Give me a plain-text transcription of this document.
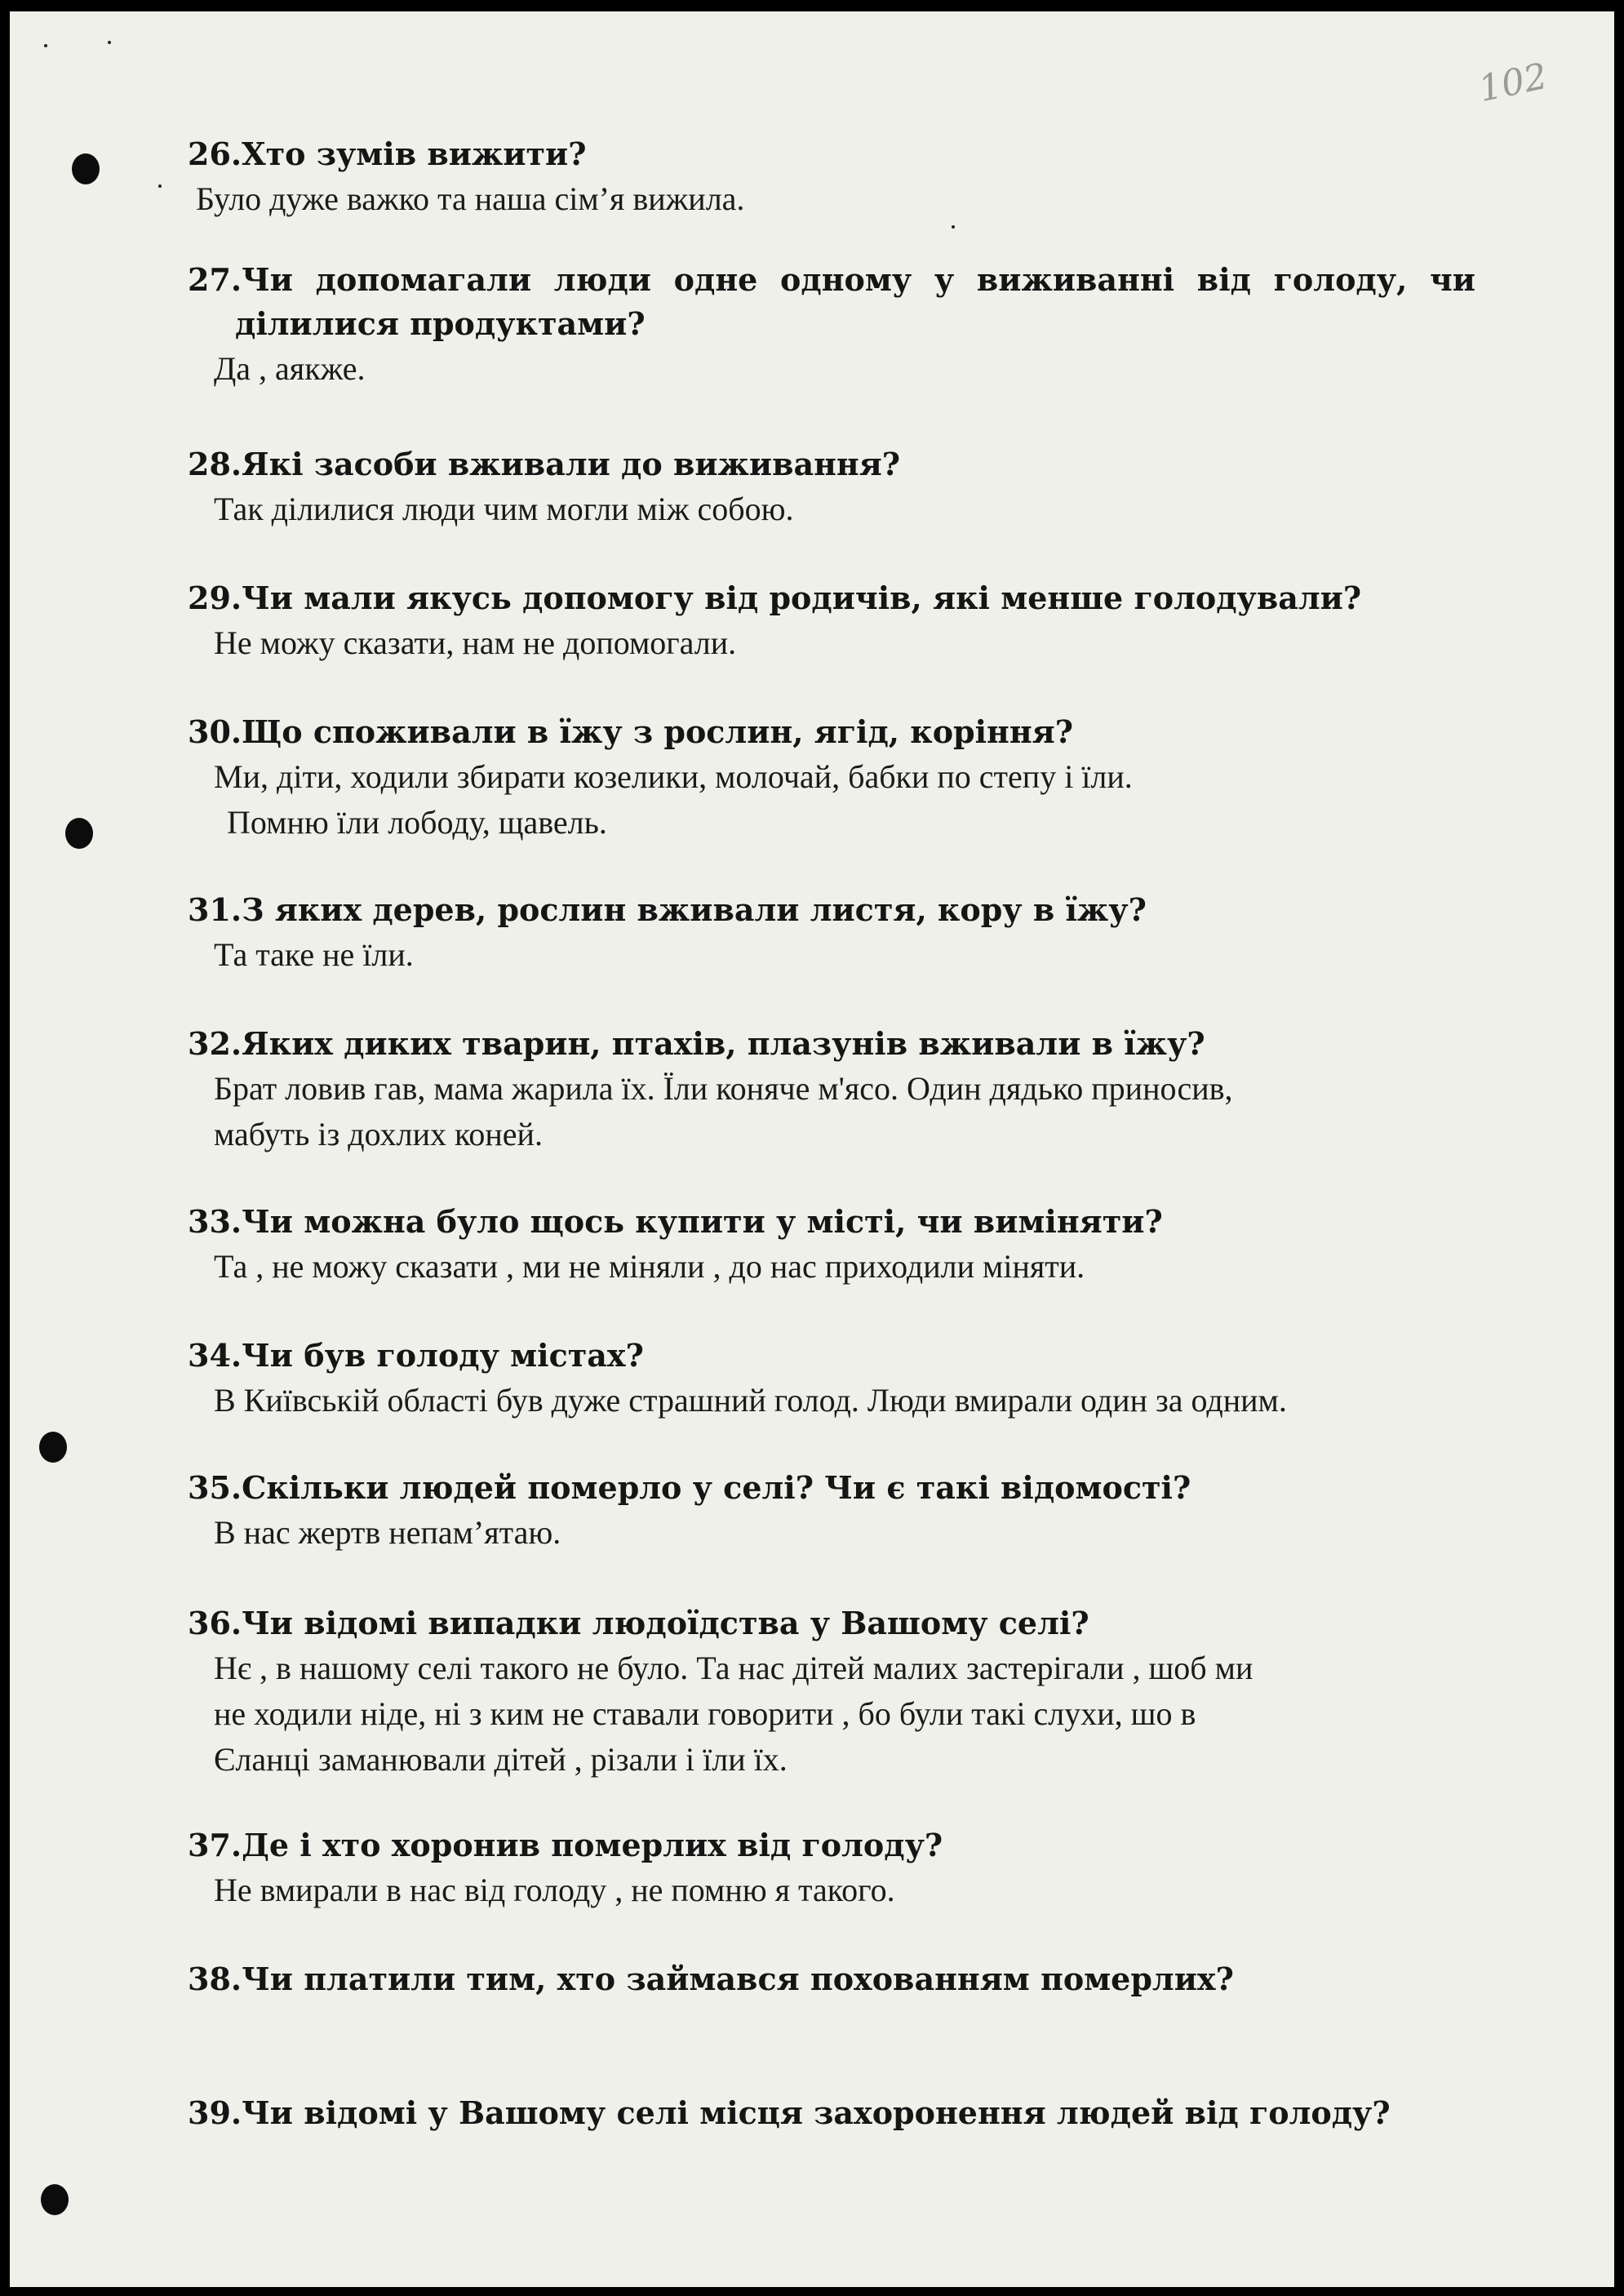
102

26.Хто зумів вижити?

Було дуже важко та наша сім’я вижила.

27.Чи допомагали люди одне одному у виживанні від голоду, чи ділилися продуктами?

Да , аякже.

28.Які засоби вживали до виживання?

Так ділилися люди чим могли між собою.

29.Чи мали якусь допомогу від родичів, які менше голодували?

Не можу сказати, нам не допомогали.

30.Що споживали в їжу з рослин, ягід, коріння?

Ми, діти, ходили збирати козелики, молочай, бабки по степу і їли.

Помню їли лободу, щавель.

31.З яких дерев, рослин вживали листя, кору в їжу?

Та таке не їли.

32.Яких диких тварин, птахів, плазунів вживали в їжу?

Брат ловив гав, мама жарила їх. Їли коняче м'ясо. Один дядько приносив,

мабуть із дохлих коней.

33.Чи можна було щось купити у місті, чи виміняти?

Та , не можу сказати , ми не міняли , до нас приходили міняти.

34.Чи був голоду містах?

В Київській області був дуже страшний голод. Люди вмирали один за одним.

35.Скільки людей померло у селі? Чи є такі відомості?

В нас жертв непам’ятаю.

36.Чи відомі випадки людоїдства у Вашому селі?

Нє , в нашому селі такого не було. Та нас дітей малих застерігали , шоб ми

не ходили ніде, ні з ким не ставали говорити , бо були такі слухи, шо в

Єланці заманювали дітей , різали і їли їх.

37.Де і хто хоронив померлих від голоду?

Не вмирали в нас від голоду , не помню я такого.

38.Чи платили тим, хто займався похованням померлих?

39.Чи відомі у Вашому селі місця захоронення людей від голоду?
